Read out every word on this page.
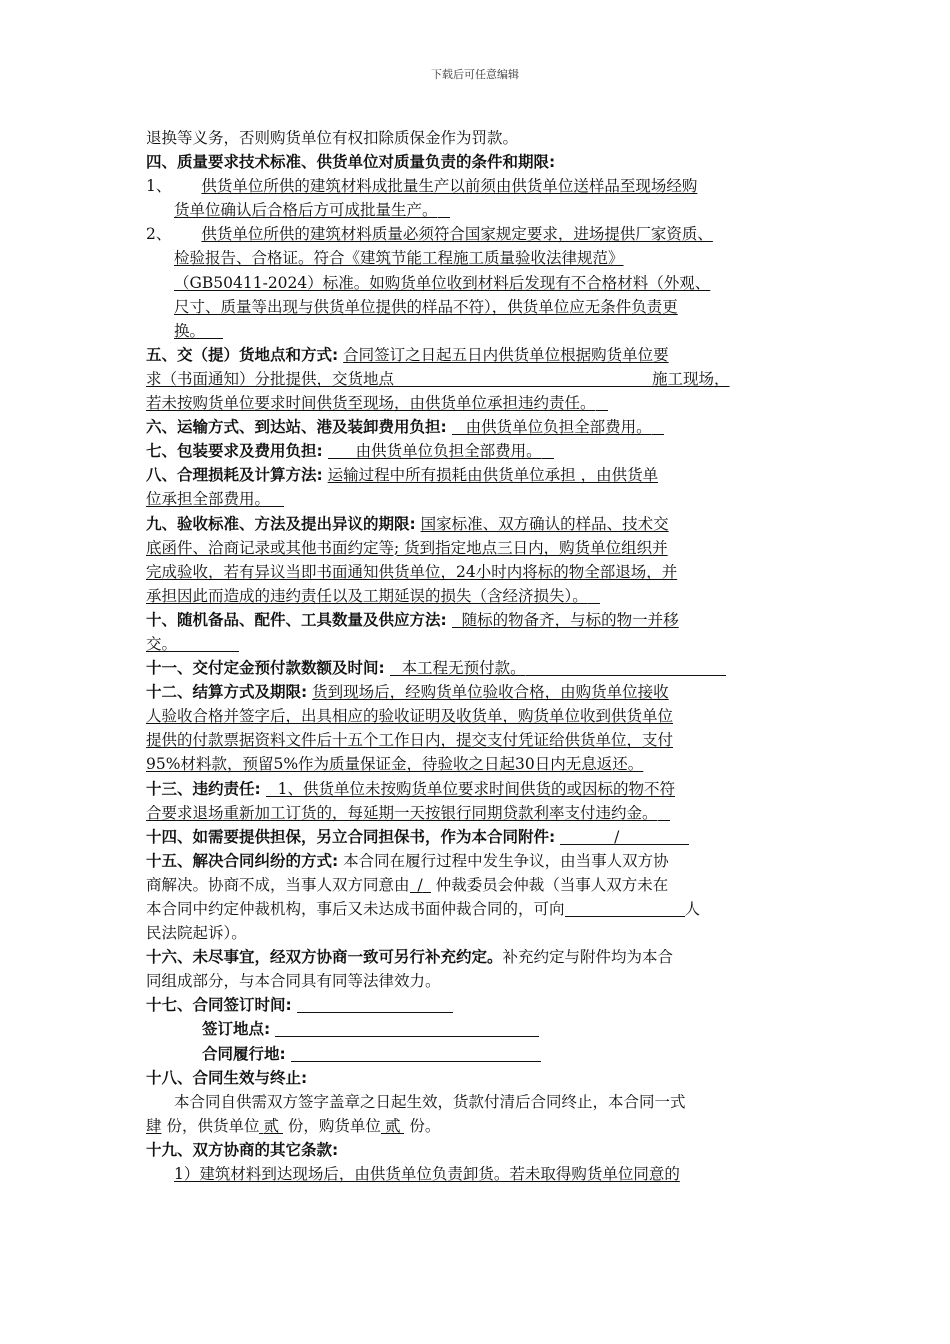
下载后可任意编辑
退换等义务，否则购货单位有权扣除质保金作为罚款。
四、质量要求技术标准、供货单位对质量负责的条件和期限:
1、 供货单位所供的建筑材料成批量生产以前须由供货单位送样品至现场经购
货单位确认后合格后方可成批量生产。
2、 供货单位所供的建筑材料质量必须符合国家规定要求，进场提供厂家资质、
检验报告、合格证。符合《建筑节能工程施工质量验收法律规范》
（GB50411-2024）标准。如购货单位收到材料后发现有不合格材料（外观、
尺寸、质量等出现与供货单位提供的样品不符），供货单位应无条件负责更
换。
五、交（提）货地点和方式: 合同签订之日起五日内供货单位根据购货单位要
求（书面通知）分批提供，交货地点	施工现场，
若未按购货单位要求时间供货至现场，由供货单位承担违约责任。
六、运输方式、到达站、港及装卸费用负担: 由供货单位负担全部费用。
七、包装要求及费用负担: 由供货单位负担全部费用。
八、合理损耗及计算方法: 运输过程中所有损耗由供货单位承担 ，由供货单
位承担全部费用。
九、验收标准、方法及提出异议的期限: 国家标准、双方确认的样品、技术交
底函件、洽商记录或其他书面约定等; 货到指定地点三日内，购货单位组织并
完成验收，若有异议当即书面通知供货单位，24小时内将标的物全部退场，并
承担因此而造成的违约责任以及工期延误的损失（含经济损失）。
十、随机备品、配件、工具数量及供应方法: 随标的物备齐，与标的物一并移
交。
十一、交付定金预付款数额及时间: 本工程无预付款。
十二、结算方式及期限: 货到现场后，经购货单位验收合格，由购货单位接收
人验收合格并签字后，出具相应的验收证明及收货单，购货单位收到供货单位
提供的付款票据资料文件后十五个工作日内，提交支付凭证给供货单位，支付
95%材料款，预留5%作为质量保证金，待验收之日起30日内无息返还。
十三、违约责任: 1、供货单位未按购货单位要求时间供货的或因标的物不符
合要求退场重新加工订货的，每延期一天按银行同期贷款利率支付违约金。
十四、如需要提供担保，另立合同担保书，作为本合同附件:	/
十五、解决合同纠纷的方式: 本合同在履行过程中发生争议，由当事人双方协
商解决。协商不成，当事人双方同意由 / 仲裁委员会仲裁（当事人双方未在
本合同中约定仲裁机构，事后又未达成书面仲裁合同的，可向	人
民法院起诉）。
十六、未尽事宜，经双方协商一致可另行补充约定。补充约定与附件均为本合
同组成部分，与本合同具有同等法律效力。
十七、合同签订时间:
签订地点:
合同履行地:
十八、合同生效与终止:
本合同自供需双方签字盖章之日起生效，货款付清后合同终止，本合同一式
肆 份，供货单位 贰 份，购货单位 贰 份。
十九、双方协商的其它条款:
1）建筑材料到达现场后，由供货单位负责卸货。若未取得购货单位同意的
